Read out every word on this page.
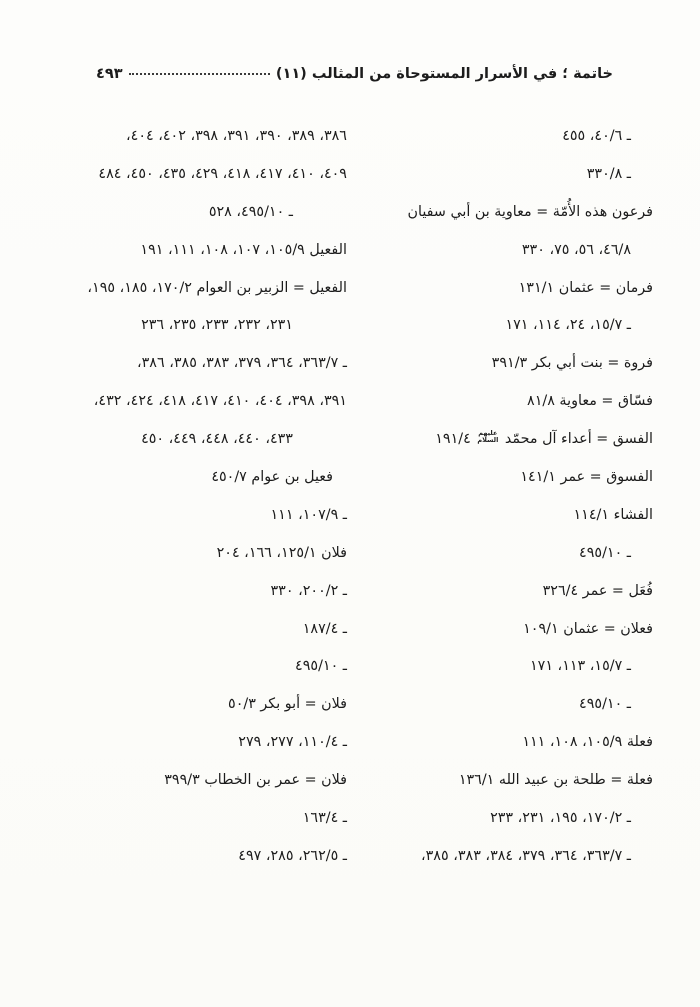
خاتمة ؛ في الأسرار المستوحاة من المثالب (١١)
٤٩٣
ـ ٤٠/٦، ٤٥٥
ـ ٣٣٠/٨
فرعون هذه الأُمّة = معاوية بن أبي سفيان
٤٦/٨، ٥٦، ٧٥، ٣٣٠
فرمان = عثمان ١٣١/١
ـ ١٥/٧، ٢٤، ١١٤، ١٧١
فروة = بنت أبي بكر ٣٩١/٣
فسّاق = معاوية ٨١/٨
الفسق = أعداء آل محمّد عليهم السلام ١٩١/٤
الفسوق = عمر ١٤١/١
الفشاء ١١٤/١
ـ ٤٩٥/١٠
فُعَل = عمر ٣٢٦/٤
فعلان = عثمان ١٠٩/١
ـ ١٥/٧، ١١٣، ١٧١
ـ ٤٩٥/١٠
فعلة ١٠٥/٩، ١٠٨، ١١١
فعلة = طلحة بن عبيد الله ١٣٦/١
ـ ١٧٠/٢، ١٩٥، ٢٣١، ٢٣٣
ـ ٣٦٣/٧، ٣٦٤، ٣٧٩، ٣٨٤، ٣٨٣، ٣٨٥،
٣٨٦، ٣٨٩، ٣٩٠، ٣٩١، ٣٩٨، ٤٠٢، ٤٠٤،
٤٠٩، ٤١٠، ٤١٧، ٤١٨، ٤٢٩، ٤٣٥، ٤٥٠، ٤٨٤
ـ ٤٩٥/١٠، ٥٢٨
الفعيل ١٠٥/٩، ١٠٧، ١٠٨، ١١١، ١٩١
الفعيل = الزبير بن العوام ١٧٠/٢، ١٨٥، ١٩٥،
٢٣١، ٢٣٢، ٢٣٣، ٢٣٥، ٢٣٦
ـ ٣٦٣/٧، ٣٦٤، ٣٧٩، ٣٨٣، ٣٨٥، ٣٨٦،
٣٩١، ٣٩٨، ٤٠٤، ٤١٠، ٤١٧، ٤١٨، ٤٢٤، ٤٣٢،
٤٣٣، ٤٤٠، ٤٤٨، ٤٤٩، ٤٥٠
فعيل بن عوام ٤٥٠/٧
ـ ١٠٧/٩، ١١١
فلان ١٢٥/١، ١٦٦، ٢٠٤
ـ ٢٠٠/٢، ٣٣٠
ـ ١٨٧/٤
ـ ٤٩٥/١٠
فلان = أبو بكر ٥٠/٣
ـ ١١٠/٤، ٢٧٧، ٢٧٩
فلان = عمر بن الخطاب ٣٩٩/٣
ـ ١٦٣/٤
ـ ٢٦٢/٥، ٢٨٥، ٤٩٧
